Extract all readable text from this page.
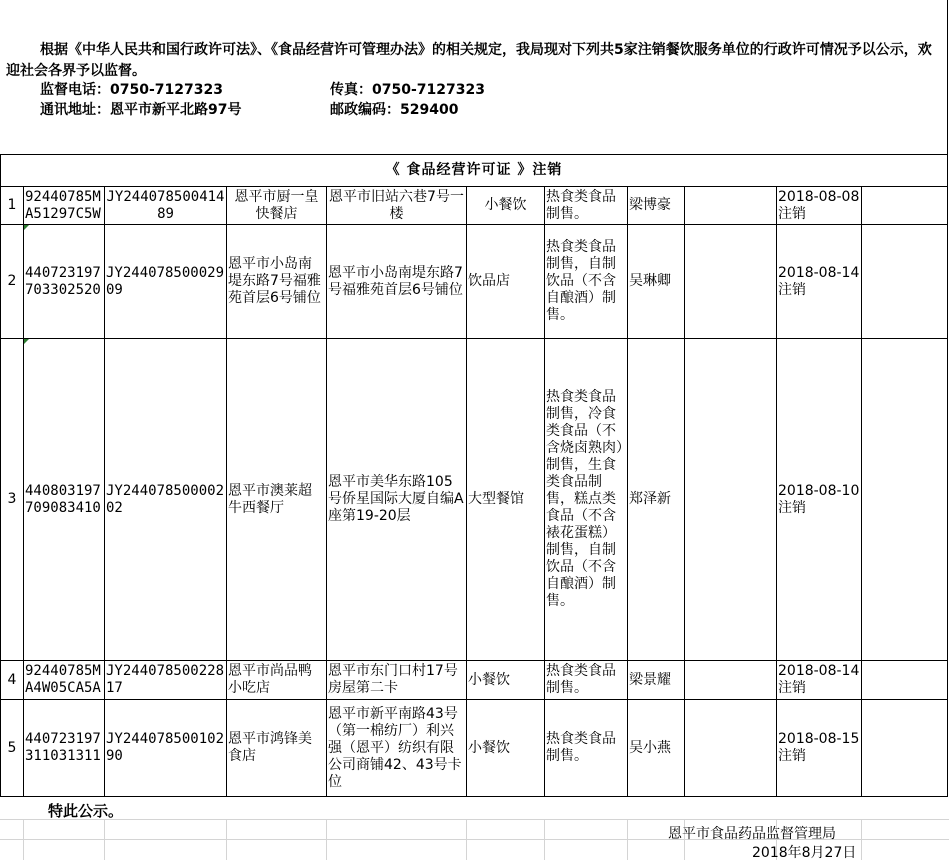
根据《中华人民共和国行政许可法》、《食品经营许可管理办法》的相关规定，我局现对下列共5家注销餐饮服务单位的行政许可情况予以公示，欢迎社会各界予以监督。
监督电话：0750-7127323	传真：0750-7127323
通讯地址：恩平市新平北路97号	邮政编码：529400
《 食品经营许可证 》注销										
1	92440785MA51297C5W	JY24407850041489	恩平市厨一皇快餐店	恩平市旧站六巷7号一楼	小餐饮	热食类食品制售。	梁博豪		2018-08-08
注销	
2	440723197703302520	JY24407850002909	恩平市小岛南堤东路7号福雅苑首层6号铺位	恩平市小岛南堤东路7号福雅苑首层6号铺位	饮品店	热食类食品制售，自制饮品（不含自酿酒）制售。	吴琳卿		2018-08-14
注销	
3	440803197709083410	JY24407850000202	恩平市澳莱超牛西餐厅	恩平市美华东路105号侨星国际大厦自编A座第19-20层	大型餐馆	热食类食品制售，冷食类食品（不含烧卤熟肉）制售，生食类食品制售，糕点类食品（不含裱花蛋糕）制售，自制饮品（不含自酿酒）制售。	郑泽新		2018-08-10
注销	
4	92440785MA4W05CA5A	JY24407850022817	恩平市尚品鸭小吃店	恩平市东门口村17号房屋第二卡	小餐饮	热食类食品制售。	梁景耀		2018-08-14
注销	
5	440723197311031311	JY24407850010290	恩平市鸿锋美食店	恩平市新平南路43号（第一棉纺厂）利兴强（恩平）纺织有限公司商铺42、43号卡位	小餐饮	热食类食品制售。	吴小燕		2018-08-15
注销	
特此公示。
恩平市食品药品监督管理局
2018年8月27日
